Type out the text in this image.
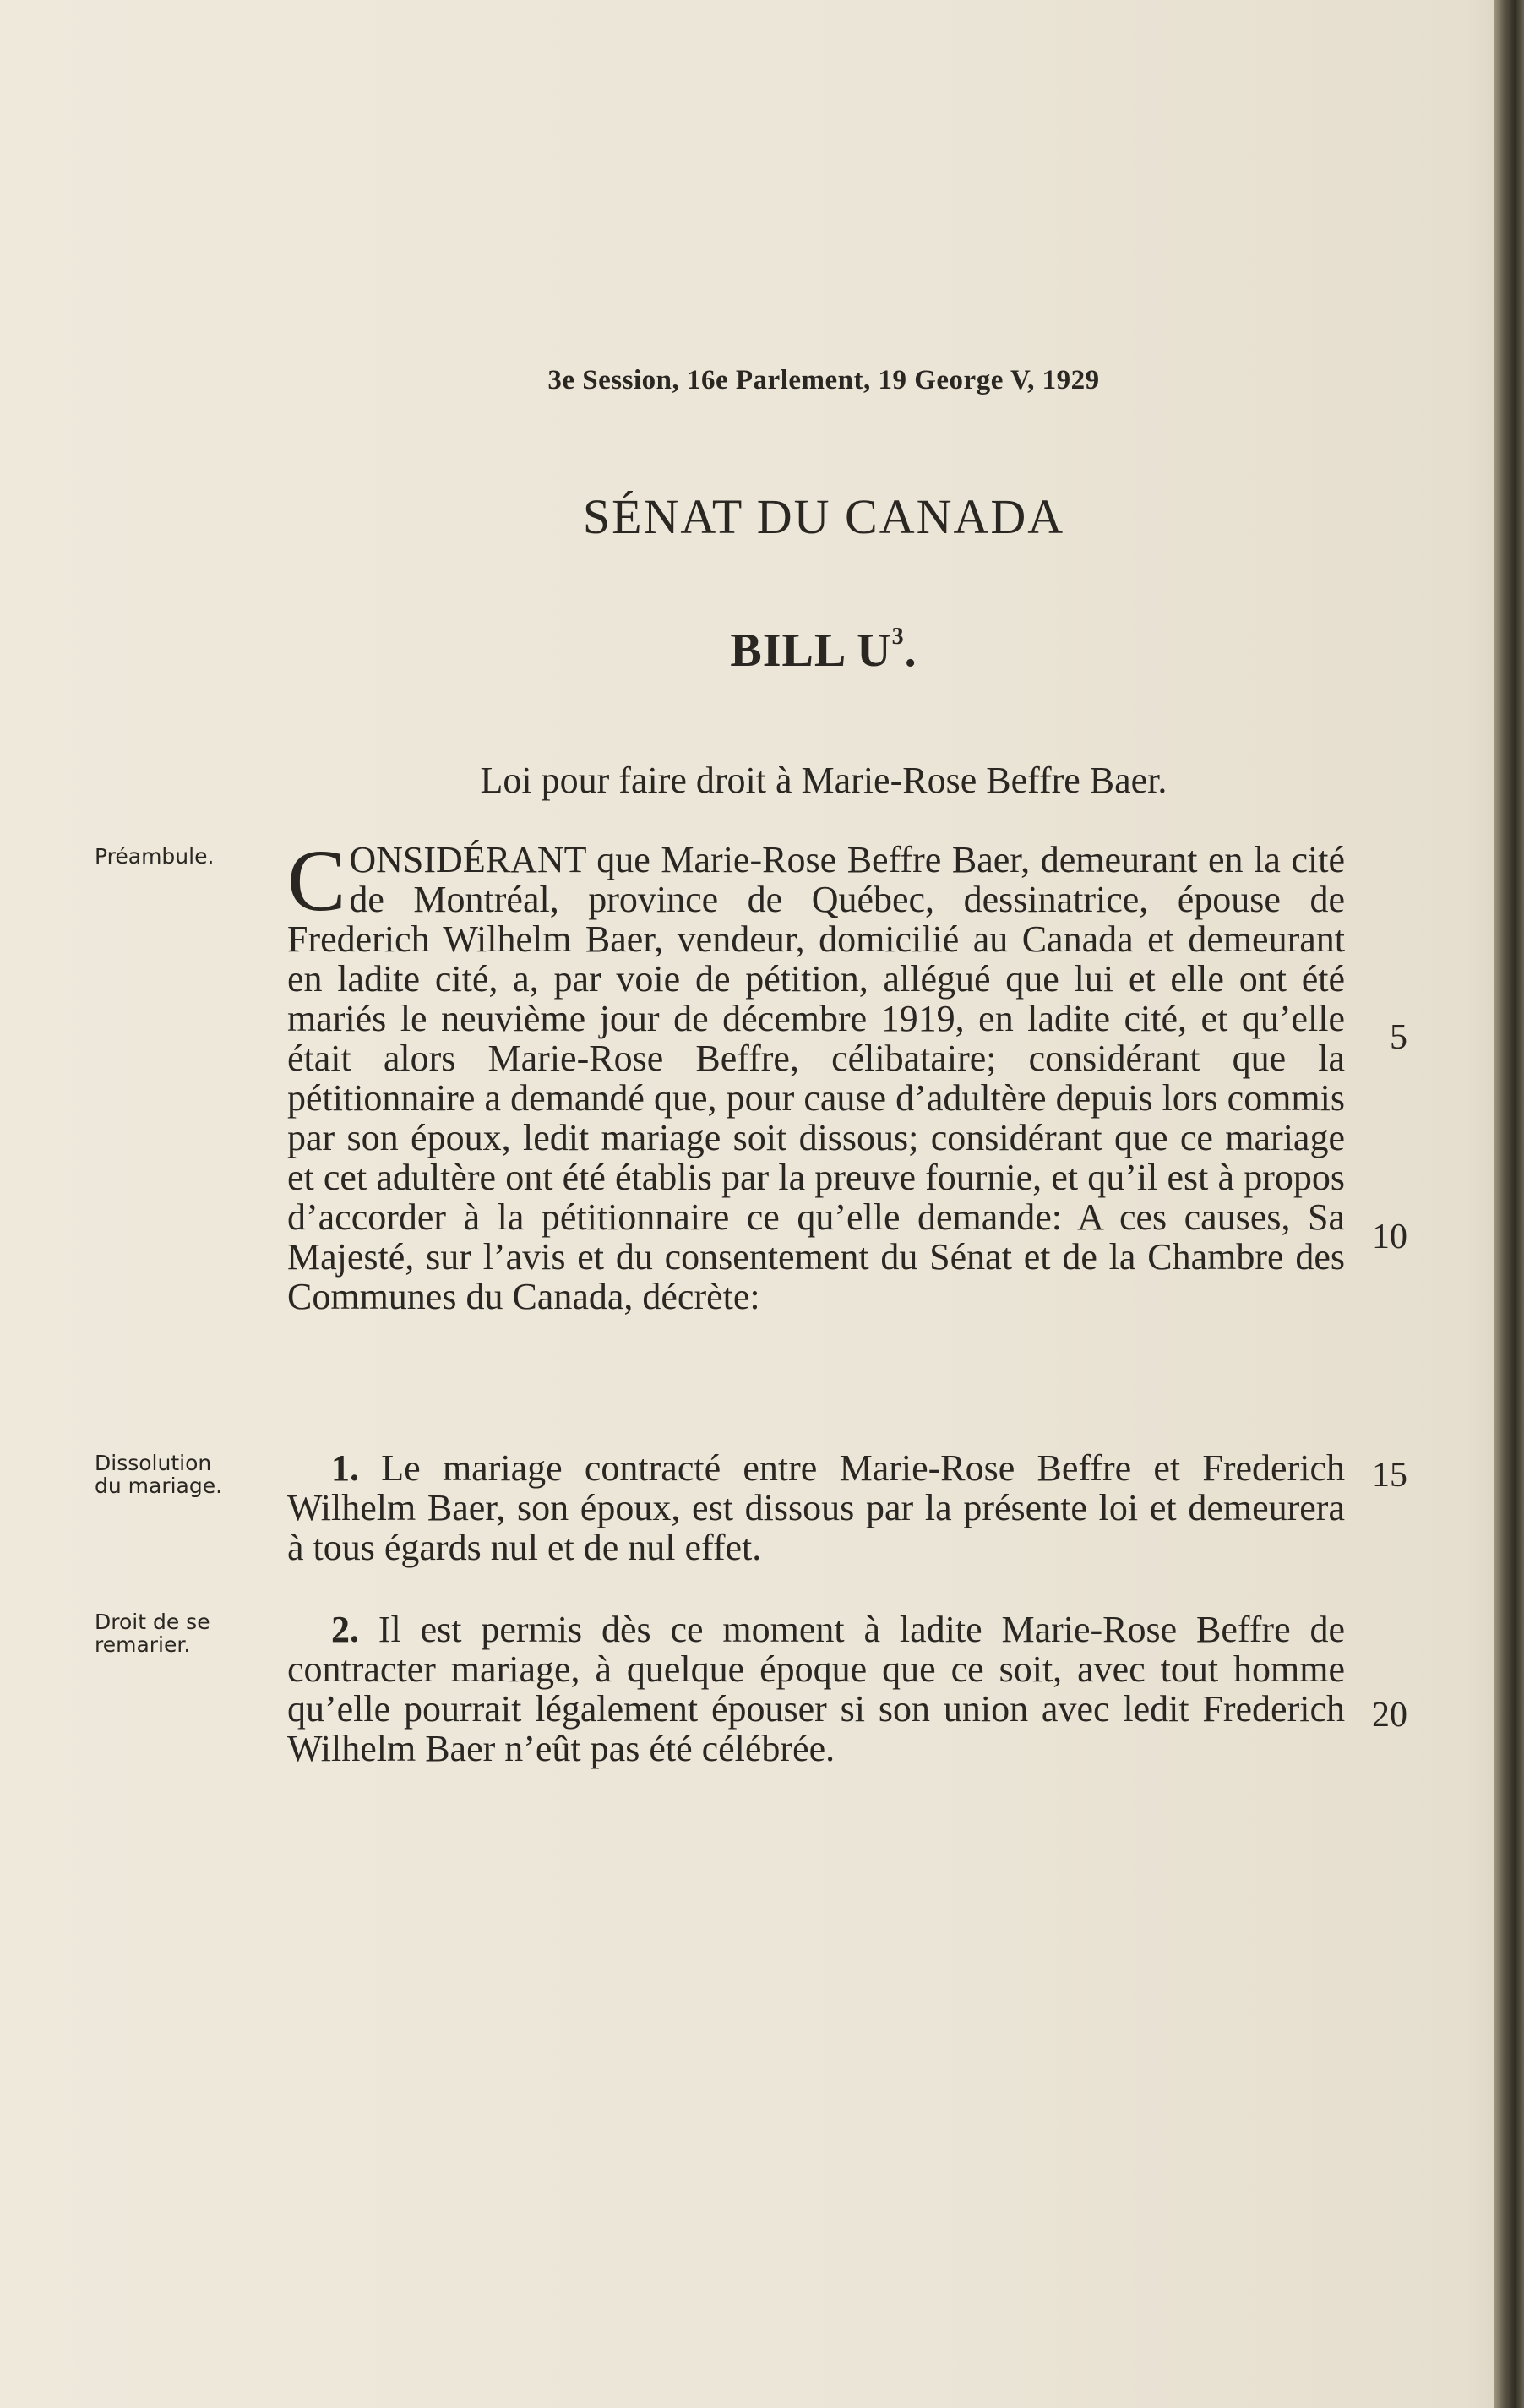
3e Session, 16e Parlement, 19 George V, 1929
SÉNAT DU CANADA
BILL $U^3$.
Loi pour faire droit à Marie-Rose Beffre Baer.
Préambule.
Dissolution
du mariage.
Droit de se
remarier.

CONSIDÉRANT que Marie-Rose Beffre Baer, demeurant en la cité de Montréal, province de Québec, dessinatrice, épouse de Frederich Wilhelm Baer, vendeur, domicilié au Canada et demeurant en ladite cité, a, par voie de pétition, allégué que lui et elle ont été mariés le neuvième jour de décembre 1919, en ladite cité, et qu’elle était alors Marie-Rose Beffre, célibataire; considérant que la pétitionnaire a demandé que, pour cause d’adultère depuis lors commis par son époux, ledit mariage soit dissous; considérant que ce mariage et cet adultère ont été établis par la preuve fournie, et qu’il est à propos d’accorder à la pétitionnaire ce qu’elle demande: A ces causes, Sa Majesté, sur l’avis et du consentement du Sénat et de la Chambre des Communes du Canada, décrète:

1. Le mariage contracté entre Marie-Rose Beffre et Frederich Wilhelm Baer, son époux, est dissous par la présente loi et demeurera à tous égards nul et de nul effet.

2. Il est permis dès ce moment à ladite Marie-Rose Beffre de contracter mariage, à quelque époque que ce soit, avec tout homme qu’elle pourrait légalement épouser si son union avec ledit Frederich Wilhelm Baer n’eût pas été célébrée.

5
10
15
20
